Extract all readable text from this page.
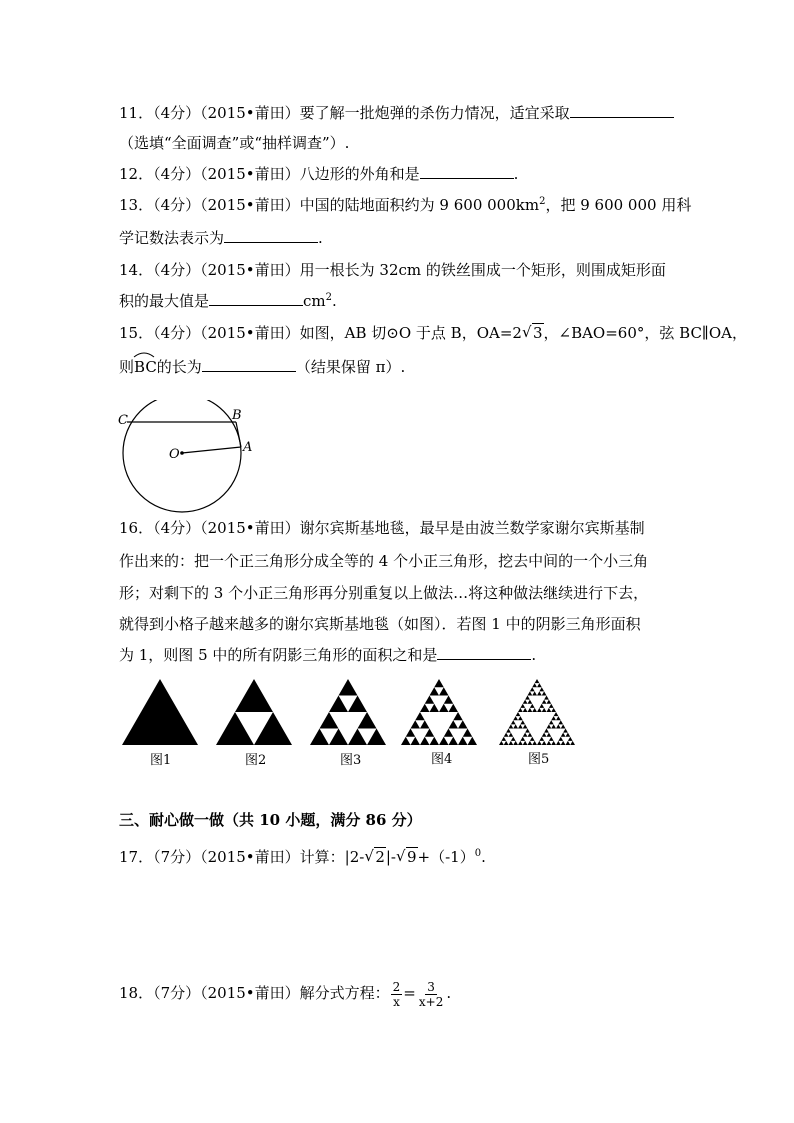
11．（4分）（2015•莆田）要了解一批炮弹的杀伤力情况，适宜采取
（选填“全面调查”或“抽样调查”）.
12．（4分）（2015•莆田）八边形的外角和是	.
13．（4分）（2015•莆田）中国的陆地面积约为 9 600 $000km^2$，把 9 600 000 用科
学记数法表示为	.
14．（4分）（2015•莆田）用一根长为 32cm 的铁丝围成一个矩形，则围成矩形面
积的最大值是	$cm^2$.
15．（4分）（2015•莆田）如图，AB 切⊙O 于点 B，OA=2 √ 3，∠BAO=60°，弦 BC∥OA，
则
BC的长为	（结果保留 π）.
C	B
O	A
16．（4分）（2015•莆田）谢尔宾斯基地毯，最早是由波兰数学家谢尔宾斯基制
作出来的：把一个正三角形分成全等的 4 个小正三角形，挖去中间的一个小三角
形；对剩下的 3 个小正三角形再分别重复以上做法…将这种做法继续进行下去，
就得到小格子越来越多的谢尔宾斯基地毯（如图）．若图 1 中的阴影三角形面积
为 1，则图 5 中的所有阴影三角形的面积之和是	.
图1	图2	图3	图4	图5
三、耐心做一做（共 10 小题，满分 86 分）
17．（7分）（2015•莆田）计算：|2- √ 2|- √ $9+(-1)^0$.
18．（7分）（2015•莆田）解分式方程： $\frac{2}{x} = \frac{3}{x+2}$ .
